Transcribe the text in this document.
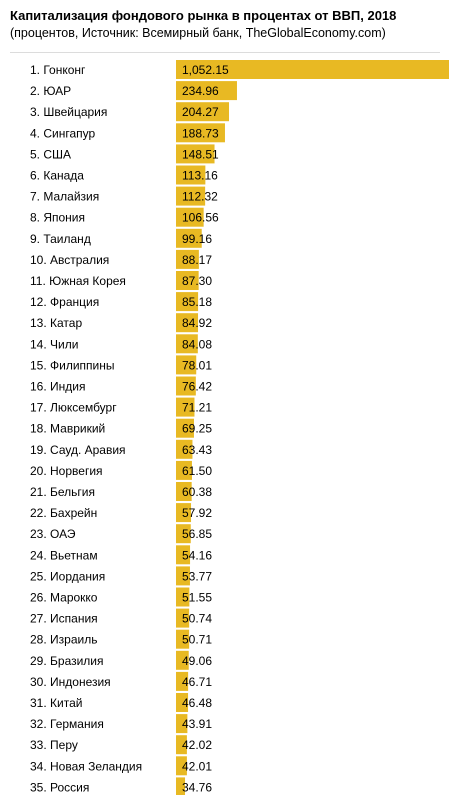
Капитализация фондового рынка в процентах от ВВП, 2018
(процентов, Источник: Всемирный банк, TheGlobalEconomy.com)
1. Гонконг	1,052.15
2. ЮАР	234.96
3. Швейцария	204.27
4. Сингапур	188.73
5. США	148.51
6. Канада	113.16
7. Малайзия	112.32
8. Япония	106.56
9. Таиланд	99.16
10. Австралия	88.17
11. Южная Корея	87.30
12. Франция	85.18
13. Катар	84.92
14. Чили	84.08
15. Филиппины	78.01
16. Индия	76.42
17. Люксембург	71.21
18. Маврикий	69.25
19. Сауд. Аравия	63.43
20. Норвегия	61.50
21. Бельгия	60.38
22. Бахрейн	57.92
23. ОАЭ	56.85
24. Вьетнам	54.16
25. Иордания	53.77
26. Марокко	51.55
27. Испания	50.74
28. Израиль	50.71
29. Бразилия	49.06
30. Индонезия	46.71
31. Китай	46.48
32. Германия	43.91
33. Перу	42.02
34. Новая Зеландия	42.01
35. Россия	34.76
